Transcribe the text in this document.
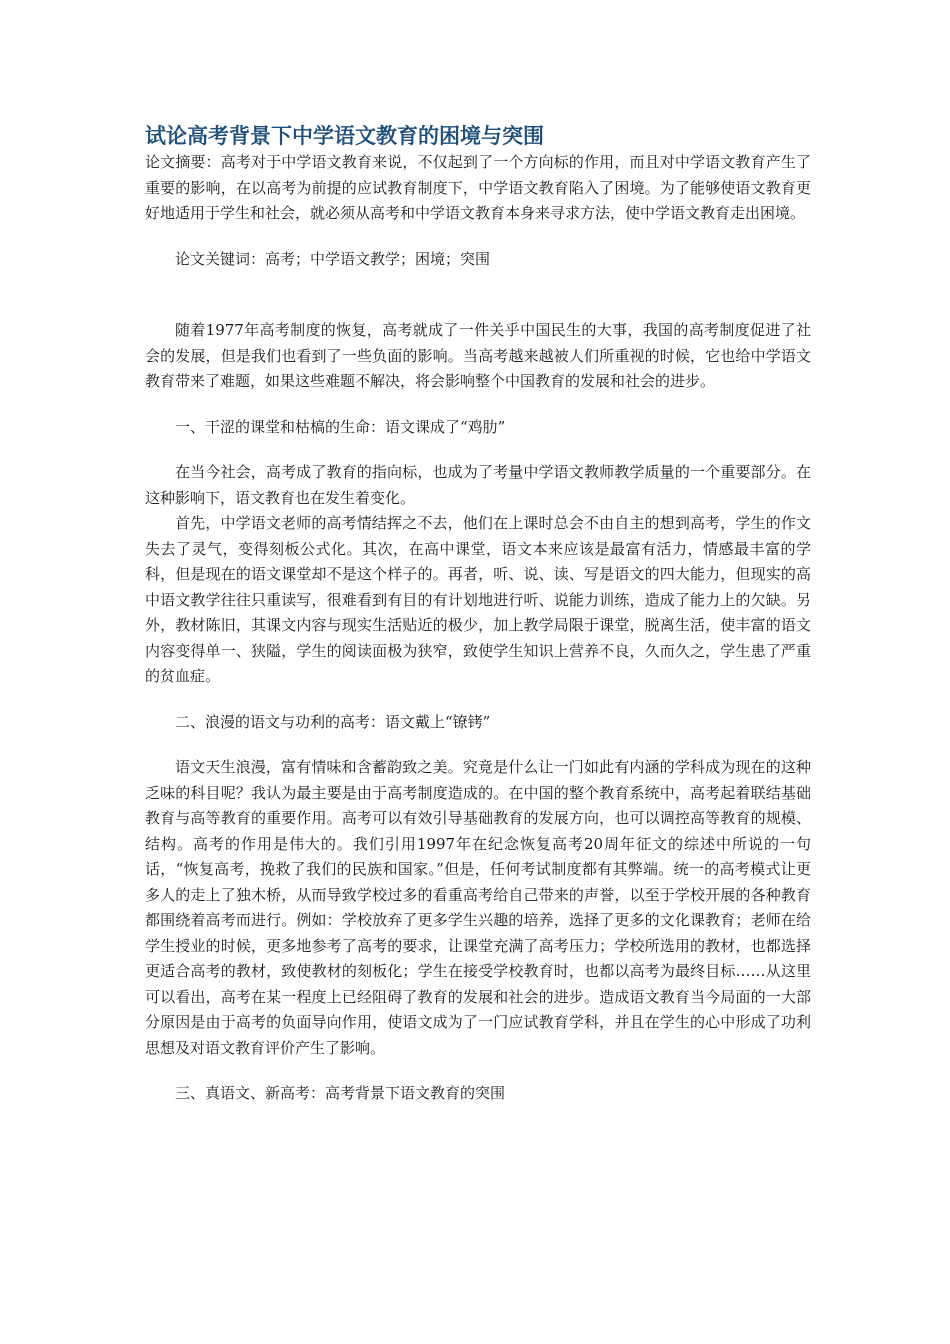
试论高考背景下中学语文教育的困境与突围

论文摘要：高考对于中学语文教育来说，不仅起到了一个方向标的作用，而且对中学语文教育产生了重要的影响，在以高考为前提的应试教育制度下，中学语文教育陷入了困境。为了能够使语文教育更好地适用于学生和社会，就必须从高考和中学语文教育本身来寻求方法，使中学语文教育走出困境。

论文关键词：高考；中学语文教学；困境；突围

随着1977年高考制度的恢复，高考就成了一件关乎中国民生的大事，我国的高考制度促进了社会的发展，但是我们也看到了一些负面的影响。当高考越来越被人们所重视的时候，它也给中学语文教育带来了难题，如果这些难题不解决，将会影响整个中国教育的发展和社会的进步。

一、干涩的课堂和枯槁的生命：语文课成了“鸡肋”

在当今社会，高考成了教育的指向标，也成为了考量中学语文教师教学质量的一个重要部分。在这种影响下，语文教育也在发生着变化。

首先，中学语文老师的高考情结挥之不去，他们在上课时总会不由自主的想到高考，学生的作文失去了灵气，变得刻板公式化。其次，在高中课堂，语文本来应该是最富有活力，情感最丰富的学科，但是现在的语文课堂却不是这个样子的。再者，听、说、读、写是语文的四大能力，但现实的高中语文教学往往只重读写，很难看到有目的有计划地进行听、说能力训练，造成了能力上的欠缺。另外，教材陈旧，其课文内容与现实生活贴近的极少，加上教学局限于课堂，脱离生活，使丰富的语文内容变得单一、狭隘，学生的阅读面极为狭窄，致使学生知识上营养不良，久而久之，学生患了严重的贫血症。

二、浪漫的语文与功利的高考：语文戴上“镣铐”

语文天生浪漫，富有情味和含蓄韵致之美。究竟是什么让一门如此有内涵的学科成为现在的这种乏味的科目呢？我认为最主要是由于高考制度造成的。在中国的整个教育系统中，高考起着联结基础教育与高等教育的重要作用。高考可以有效引导基础教育的发展方向，也可以调控高等教育的规模、结构。高考的作用是伟大的。我们引用1997年在纪念恢复高考20周年征文的综述中所说的一句话，“恢复高考，挽救了我们的民族和国家。”但是，任何考试制度都有其弊端。统一的高考模式让更多人的走上了独木桥，从而导致学校过多的看重高考给自己带来的声誉，以至于学校开展的各种教育都围绕着高考而进行。例如：学校放弃了更多学生兴趣的培养，选择了更多的文化课教育；老师在给学生授业的时候，更多地参考了高考的要求，让课堂充满了高考压力；学校所选用的教材，也都选择更适合高考的教材，致使教材的刻板化；学生在接受学校教育时，也都以高考为最终目标……从这里可以看出，高考在某一程度上已经阻碍了教育的发展和社会的进步。造成语文教育当今局面的一大部分原因是由于高考的负面导向作用，使语文成为了一门应试教育学科，并且在学生的心中形成了功利思想及对语文教育评价产生了影响。

三、真语文、新高考：高考背景下语文教育的突围
